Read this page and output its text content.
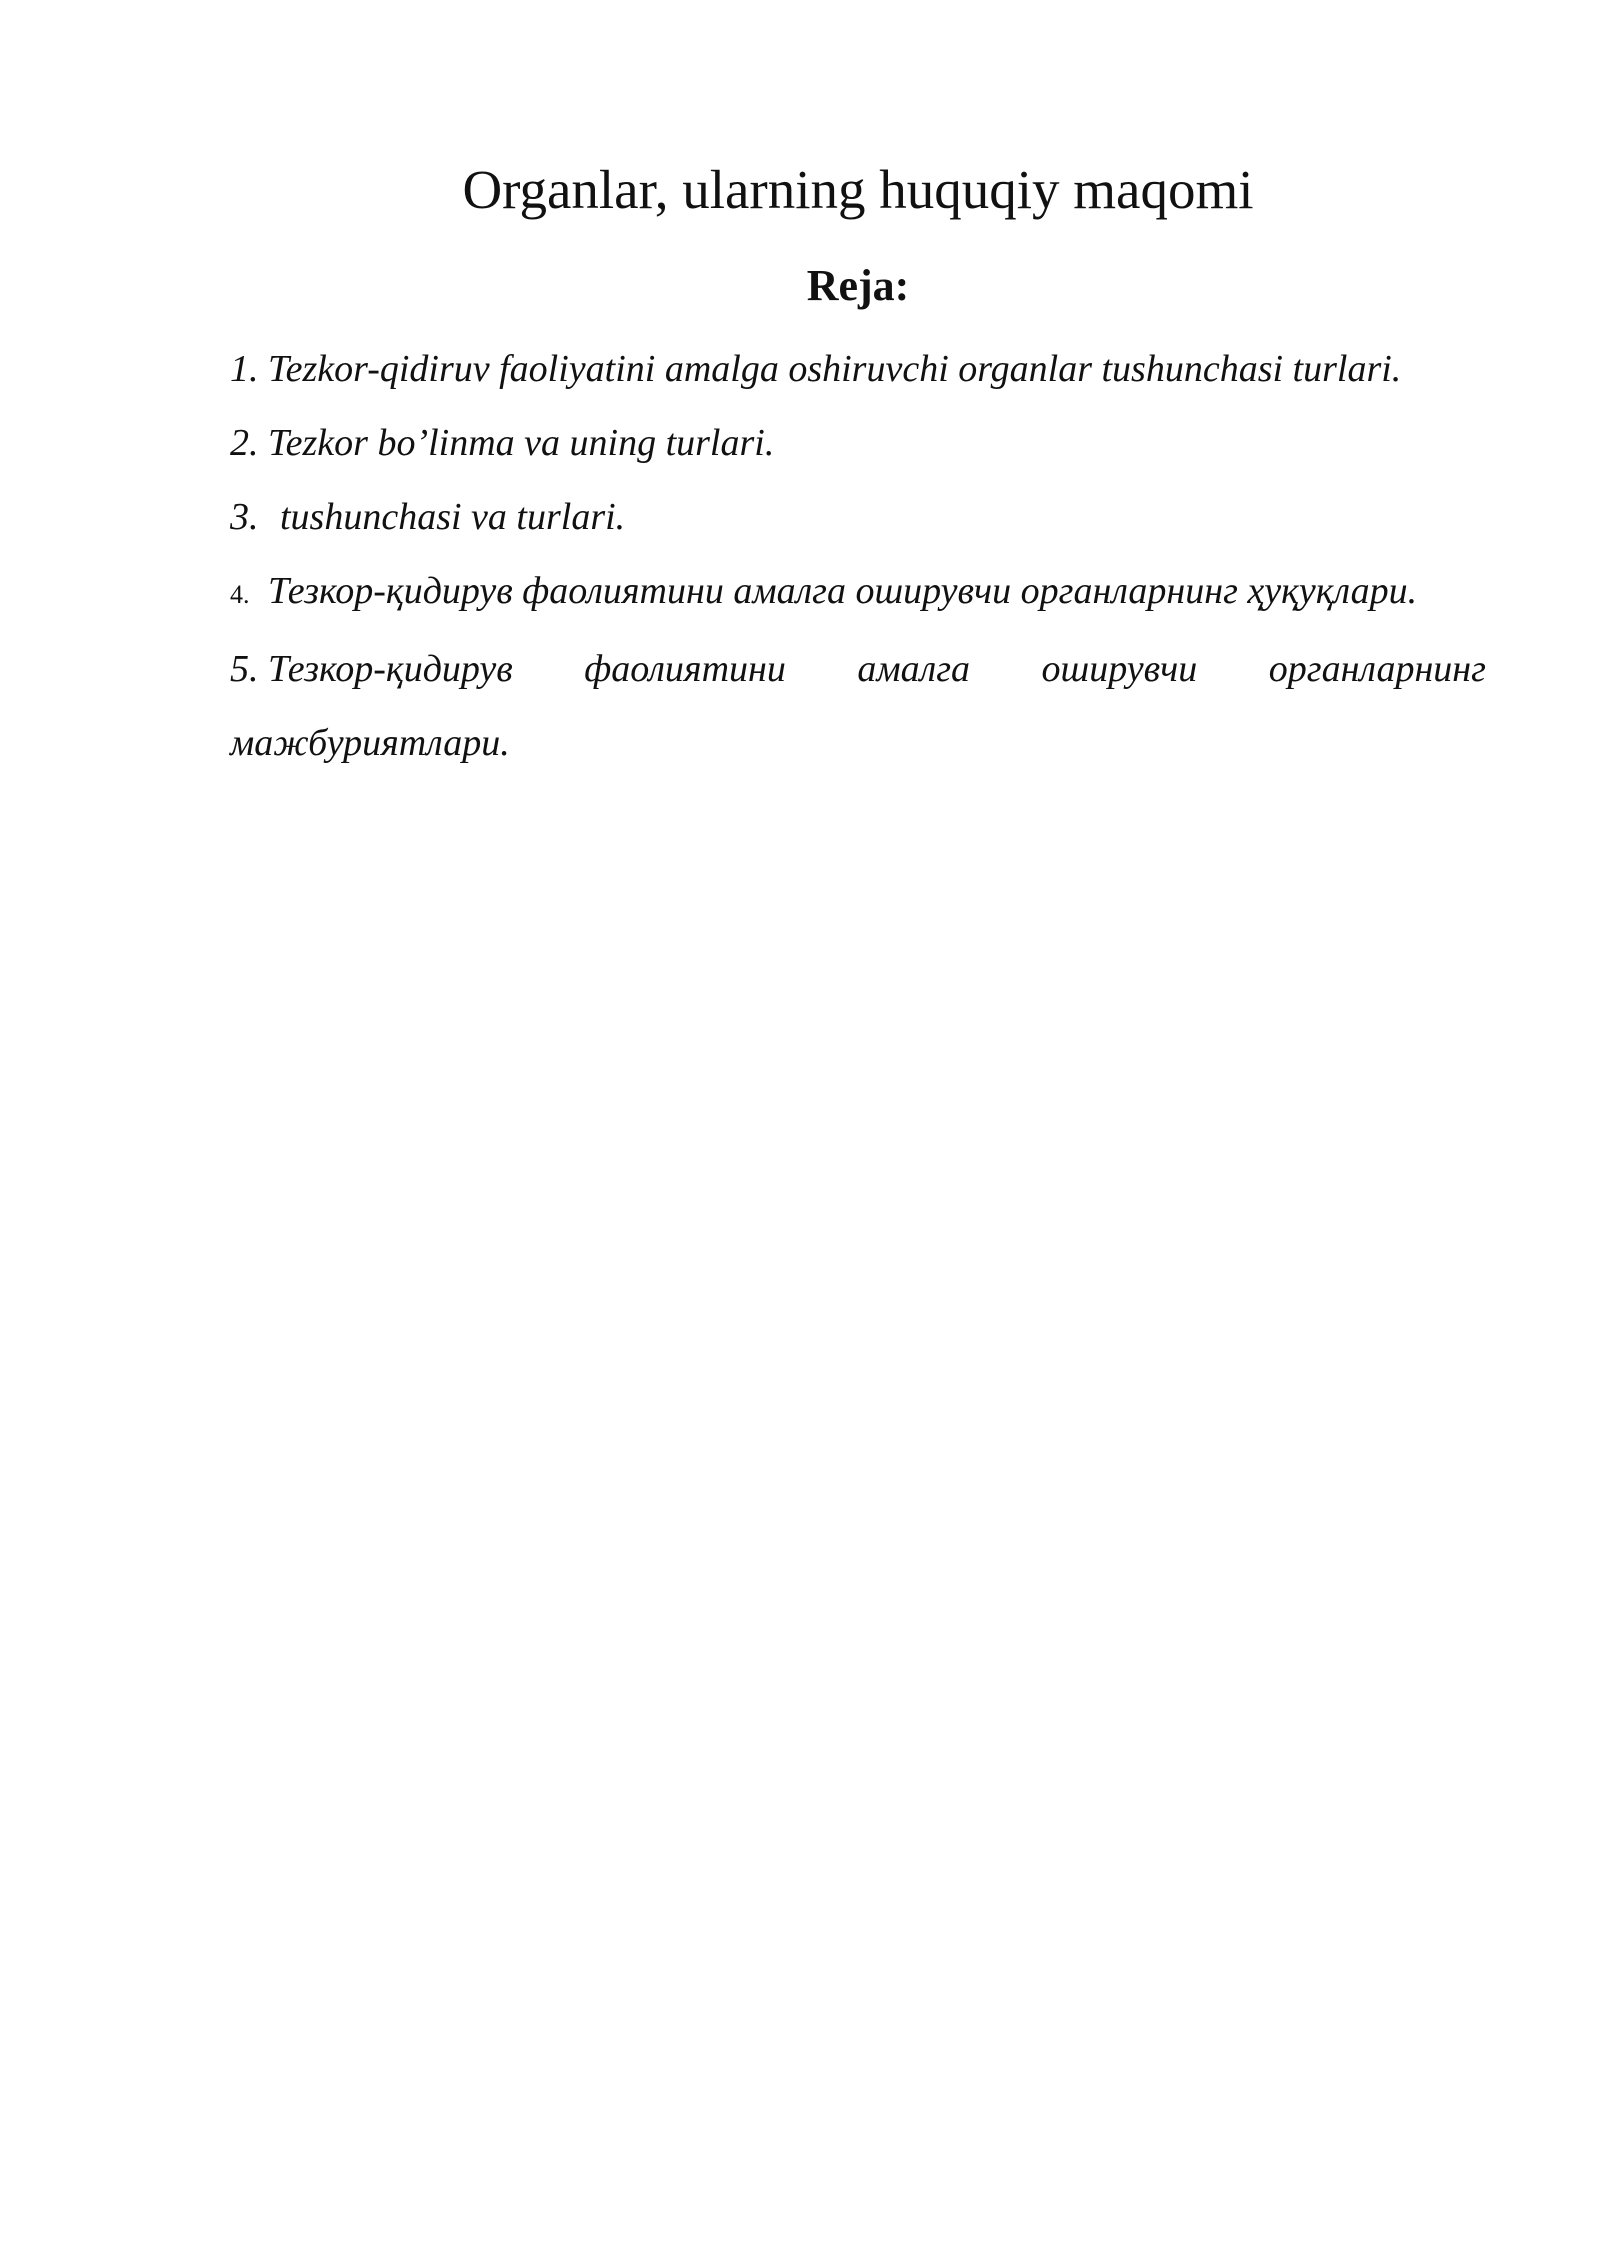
Organlar, ularning huquqiy maqomi
Reja:
1. Tezkor-qidiruv faoliyatini amalga oshiruvchi organlar tushunchasi turlari.
2. Tezkor bo’linma va uning turlari.
3. tushunchasi va turlari.
4. Тезкор-қидирув фаолиятини амалга оширувчи органларнинг ҳуқуқлари.
5. Тезкор-қидирув фаолиятини амалга оширувчи органларнинг мажбуриятлари.
